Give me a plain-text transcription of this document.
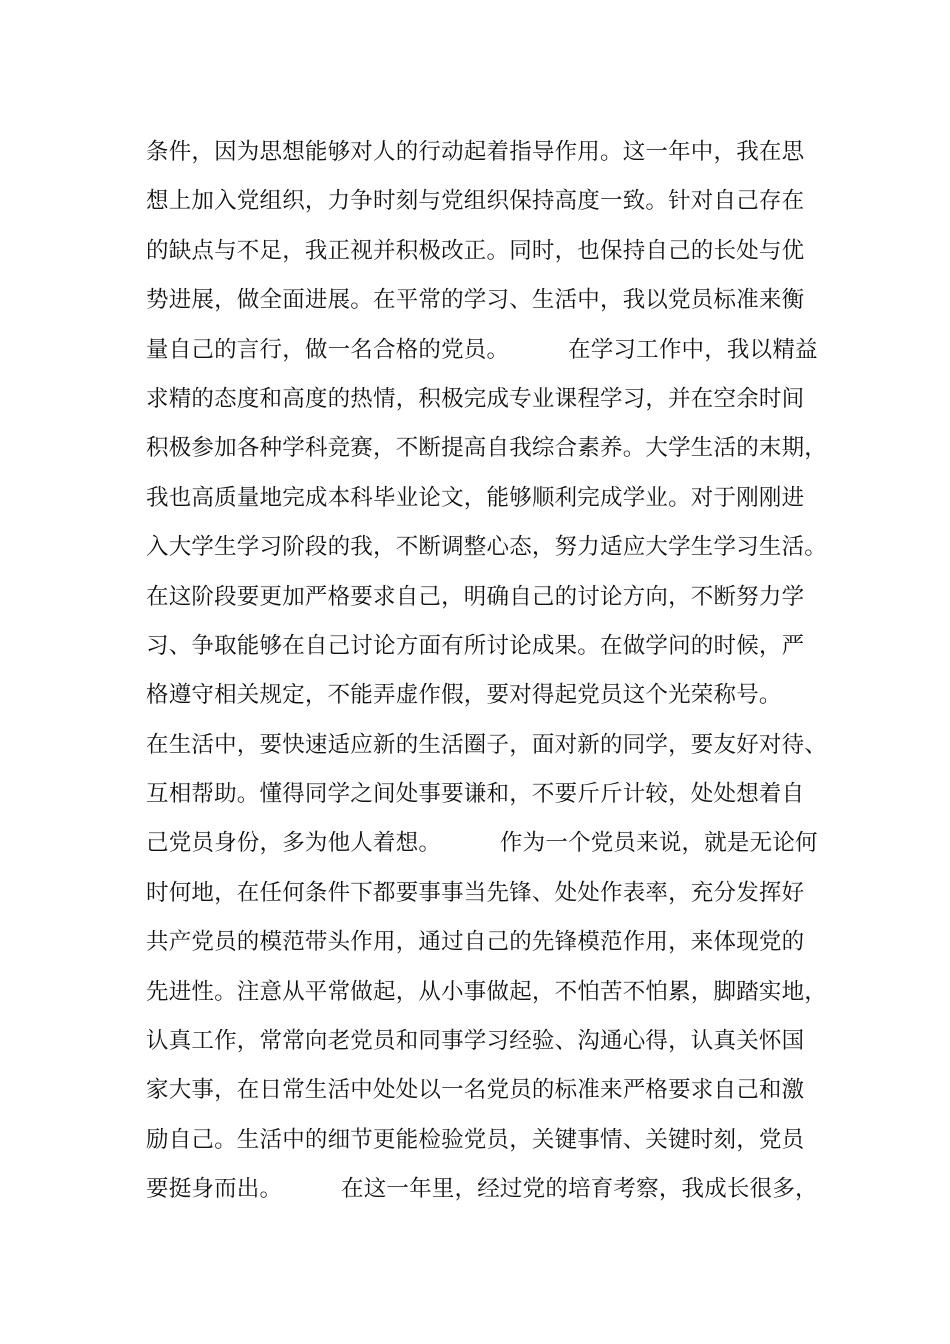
条件，因为思想能够对人的行动起着指导作用。这一年中，我在思
想上加入党组织，力争时刻与党组织保持高度一致。针对自己存在
的缺点与不足，我正视并积极改正。同时，也保持自己的长处与优
势进展，做全面进展。在平常的学习、生活中，我以党员标准来衡
量自己的言行，做一名合格的党员。        在学习工作中，我以精益
求精的态度和高度的热情，积极完成专业课程学习，并在空余时间
积极参加各种学科竞赛，不断提高自我综合素养。大学生活的末期，
我也高质量地完成本科毕业论文，能够顺利完成学业。对于刚刚进
入大学生学习阶段的我，不断调整心态，努力适应大学生学习生活。
在这阶段要更加严格要求自己，明确自己的讨论方向，不断努力学
习、争取能够在自己讨论方面有所讨论成果。在做学问的时候，严
格遵守相关规定，不能弄虚作假，要对得起党员这个光荣称号。
在生活中，要快速适应新的生活圈子，面对新的同学，要友好对待、
互相帮助。懂得同学之间处事要谦和，不要斤斤计较，处处想着自
己党员身份，多为他人着想。        作为一个党员来说，就是无论何
时何地，在任何条件下都要事事当先锋、处处作表率，充分发挥好
共产党员的模范带头作用，通过自己的先锋模范作用，来体现党的
先进性。注意从平常做起，从小事做起，不怕苦不怕累，脚踏实地，
认真工作，常常向老党员和同事学习经验、沟通心得，认真关怀国
家大事，在日常生活中处处以一名党员的标准来严格要求自己和激
励自己。生活中的细节更能检验党员，关键事情、关键时刻，党员
要挺身而出。        在这一年里，经过党的培育考察，我成长很多，
